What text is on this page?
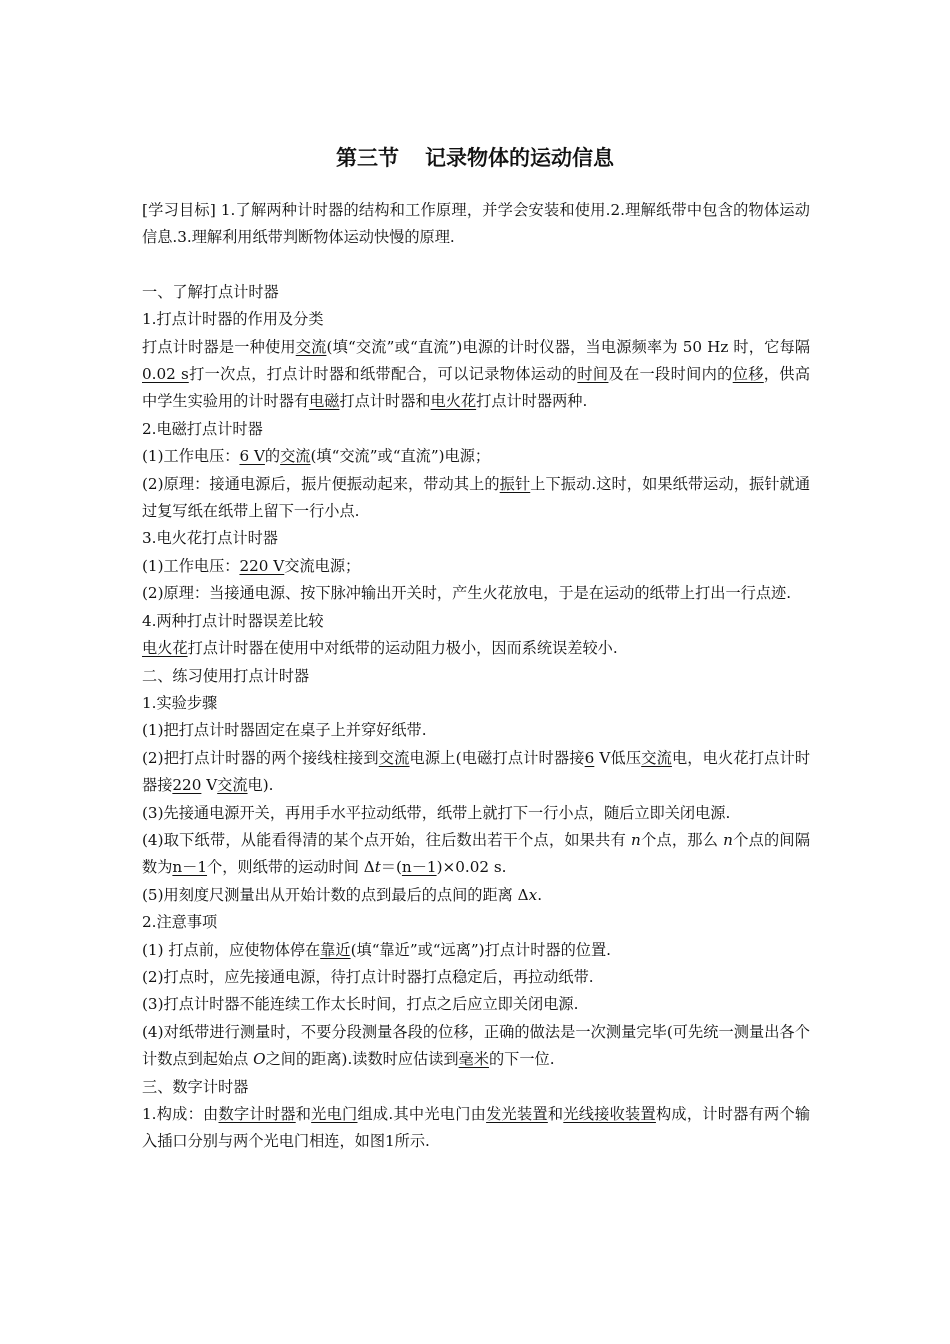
第三节 记录物体的运动信息

[学习目标] 1.了解两种计时器的结构和工作原理，并学会安装和使用.2.理解纸带中包含的物体运动信息.3.理解利用纸带判断物体运动快慢的原理.

一、了解打点计时器

1.打点计时器的作用及分类

打点计时器是一种使用交流(填“交流”或“直流”)电源的计时仪器，当电源频率为 50 Hz 时，它每隔0.02 s打一次点，打点计时器和纸带配合，可以记录物体运动的时间及在一段时间内的位移，供高中学生实验用的计时器有电磁打点计时器和电火花打点计时器两种.

2.电磁打点计时器

(1)工作电压：6 V的交流(填“交流”或“直流”)电源；

(2)原理：接通电源后，振片便振动起来，带动其上的振针上下振动.这时，如果纸带运动，振针就通过复写纸在纸带上留下一行小点.

3.电火花打点计时器

(1)工作电压：220 V交流电源；

(2)原理：当接通电源、按下脉冲输出开关时，产生火花放电，于是在运动的纸带上打出一行点迹.

4.两种打点计时器误差比较

电火花打点计时器在使用中对纸带的运动阻力极小，因而系统误差较小.

二、练习使用打点计时器

1.实验步骤

(1)把打点计时器固定在桌子上并穿好纸带.

(2)把打点计时器的两个接线柱接到交流电源上(电磁打点计时器接6 V低压交流电，电火花打点计时器接220 V交流电).

(3)先接通电源开关，再用手水平拉动纸带，纸带上就打下一行小点，随后立即关闭电源.

(4)取下纸带，从能看得清的某个点开始，往后数出若干个点，如果共有 n个点，那么 n个点的间隔数为n－1个，则纸带的运动时间 Δt＝(n－1)×0.02 s.

(5)用刻度尺测量出从开始计数的点到最后的点间的距离 Δx.

2.注意事项

(1) 打点前，应使物体停在靠近(填“靠近”或“远离”)打点计时器的位置.

(2)打点时，应先接通电源，待打点计时器打点稳定后，再拉动纸带.

(3)打点计时器不能连续工作太长时间，打点之后应立即关闭电源.

(4)对纸带进行测量时，不要分段测量各段的位移，正确的做法是一次测量完毕(可先统一测量出各个计数点到起始点 O之间的距离).读数时应估读到毫米的下一位.

三、数字计时器

1.构成：由数字计时器和光电门组成.其中光电门由发光装置和光线接收装置构成，计时器有两个输入插口分别与两个光电门相连，如图1所示.
